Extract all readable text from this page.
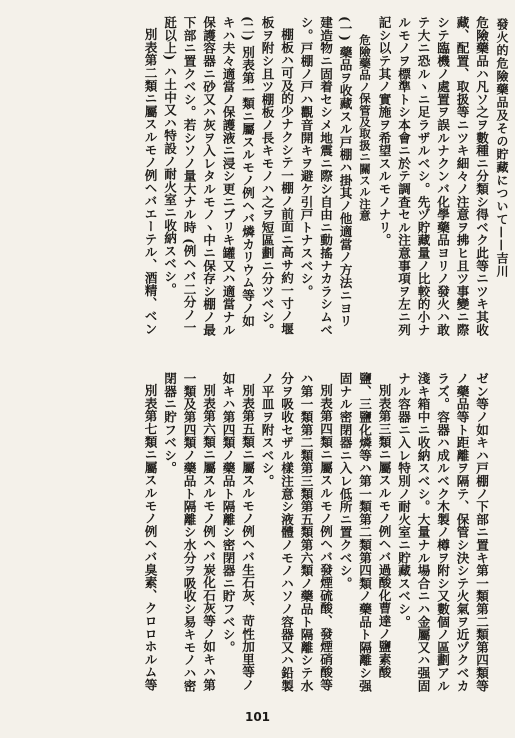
發火的危險藥品及その貯藏について——吉川

危險藥品ハ凡ソ之ヲ數種ニ分類シ得ベク此等ニツキ其收

藏、配置、取扱等ニツキ細々ノ注意ヲ拂ヒ且ツ事變ニ際

シテ臨機ノ處置ヲ誤ルナクンバ化學藥品ヨリノ發火ハ敢

テ大ニ恐ルヽニ足ラザルベシ。先ヅ貯藏量ノ比較的小ナ

ルモノヲ標準トシ本會ニ於テ調査セル注意事項ヲ左ニ列

記シ以テ其ノ實施ヲ希望スルモノナリ。

危險藥品ノ保管及取扱ニ關スル注意

(一) 藥品ヲ收藏スル戸棚ハ掛其ノ他適當ノ方法ニヨリ

建造物ニ固着セシメ地震ニ際シ自由ニ動搖ナカラシムベ

シ。戸棚ノ戸ハ觀音開キヲ避ケ引戸トナスベシ。

棚板ハ可及的少ナクシテ一棚ノ前面ニ高サ約一寸ノ堰

板ヲ附シ且ツ棚板ノ長キモノハ之ヲ短區劃ニ分ツベシ。

(二) 別表第一類ニ屬スルモノ例ヘバ燐カリウム等ノ如

キハ夫々適當ノ保護液ニ浸シ更ニブリキ罐又ハ適當ナル

保護容器ニ砂又ハ灰ヲ入レタルモノヽ中ニ保存シ棚ノ最

下部ニ置クベシ。若シソノ量大ナル時 (例ヘバ二分ノ一

瓩以上) ハ土中又ハ特設ノ耐火室ニ收納スベシ。

別表第二類ニ屬スルモノ例ヘバエーテル、酒精、ベン

ゼン等ノ如キハ戸棚ノ下部ニ置キ第一類第二類第四類等

ノ藥品等ト距離ヲ隔テ、保管シ決シテ火氣ヲ近ヅクベカ

ラズ。容器ハ成ルベク木製ノ樽ヲ附シ又數個ノ區劃アル

淺キ箱中ニ收納スベシ。大量ナル場合ニハ金屬又ハ强固

ナル容器ニ入レ特別ノ耐火室ニ貯藏スベシ。

別表第三類ニ屬スルモノ例ヘバ過酸化曹達ノ鹽素酸

鹽、三鹽化燐等ハ第一類第二類第四類ノ藥品ト隔離シ强

固ナル密閉器ニ入レ低所ニ置クベシ。

別表第四類ニ屬スルモノ例ヘバ發煙硫酸、發煙硝酸等

ハ第一類第二類第三類第五類第六類ノ藥品ト隔離シテ水

分ヲ吸收セザル樣注意シ液體ノモノハソノ容器又ハ鉛製

ノ平皿ヲ附スベシ。

別表第五類ニ屬スルモノ例ヘバ生石灰、苛性加里等ノ

如キハ第四類ノ藥品ト隔離シ密閉器ニ貯フベシ。

別表第六類ニ屬スルモノ例ヘバ炭化石灰等ノ如キハ第

一類及第四類ノ藥品ト隔離シ水分ヲ吸收シ易キモノハ密

閉器ニ貯フベシ。

別表第七類ニ屬スルモノ例ヘバ臭素、クロロホルム等

101
